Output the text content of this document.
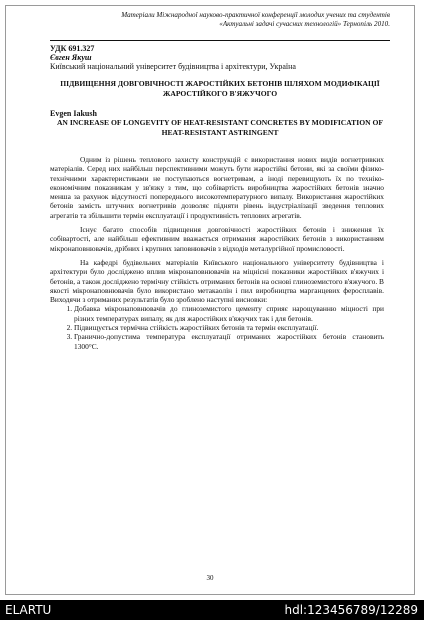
Матеріали Міжнародної науково-практичної конференції молодих учених та студентів
«Актуальні задачі сучасних технологій» Тернопіль 2010.
УДК 691.327
Євген Якуш
Київський національний університет будівництва і архітектури, Україна
ПІДВИЩЕННЯ ДОВГОВІЧНОСТІ ЖАРОСТІЙКИХ БЕТОНІВ ШЛЯХОМ МОДИФІКАЦІЇ ЖАРОСТІЙКОГО В'ЯЖУЧОГО
Evgen Iakush
AN INCREASE OF LONGEVITY OF HEAT-RESISTANT CONCRETES BY MODIFICATION OF HEAT-RESISTANT ASTRINGENT

Одним із рішень теплового захисту конструкцій є використання нових видів вогнетривких матеріалів. Серед них найбільш перспективними можуть бути жаростійкі бетони, які за своїми фізико-технічними характеристиками не поступаються вогнетривам, а іноді перевищують їх по техніко-економічним показникам у зв'язку з тим, що собівартість виробництва жаростійких бетонів значно менша за рахунок відсутності попереднього високотемпературного випалу. Використання жаростійких бетонів замість штучних вогнетривів дозволяє підняти рівень індустріалізації зведення теплових агрегатів та збільшити термін експлуатації і продуктивність теплових агрегатів.

Існує багато способів підвищення довговічності жаростійких бетонів і зниження їх собівартості, але найбільш ефективним вважається отримання жаростійких бетонів з використанням мікронаповнювачів, дрібних і крупних заповнювачів з відходів металургійної промисловості.

На кафедрі будівельних матеріалів Київського національного університету будівництва і архітектури було досліджено вплив мікронаповнювачів на міцнісні показники жаростійких в'яжучих і бетонів, а також досліджено термічну стійкість отриманих бетонів на основі глиноземистого в'яжучого. В якості мікронаповнювачів було використано метакаолін і пил виробництва марганцевих феросплавів. Виходячи з отриманих результатів було зроблено наступні висновки:

1. Добавка мікронаповнювачів до глиноземистого цементу сприяє нарощуванню міцності при різних температурах випалу, як для жаростійких в'яжучих так і для бетонів.
2. Підвищується термічна стійкість жаростійких бетонів та термін експлуатації.
3. Граничнo-допустима температура експлуатації отриманих жаростійких бетонів становить 1300°С.
30
ELARTU	hdl:123456789/12289
